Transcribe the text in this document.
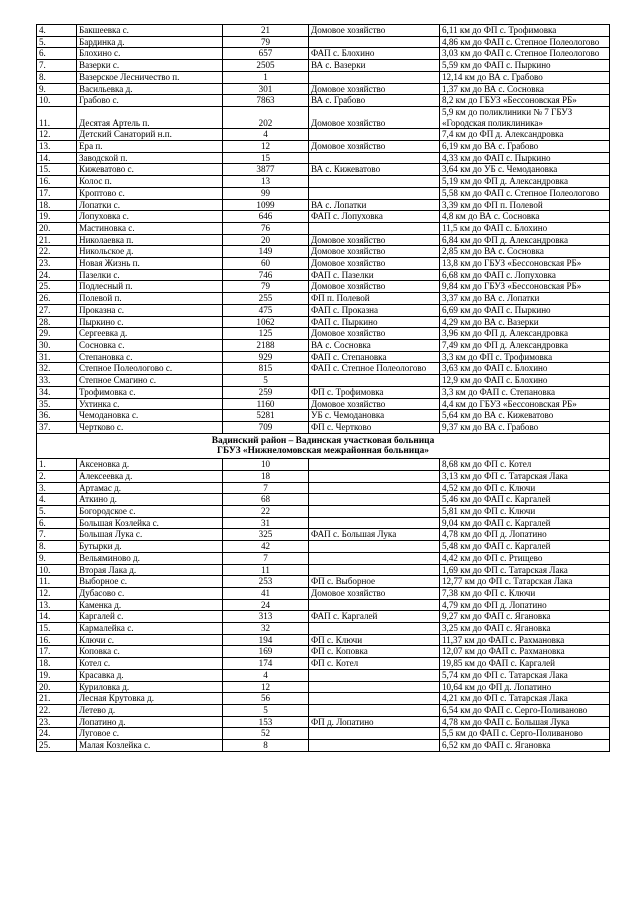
4.	Бакшеевка с.	21	Домовое хозяйство	6,11 км до ФП с. Трофимовка
5.	Бардинка д.	79		4,86 км до ФАП с. Степное Полеологово
6.	Блохино с.	657	ФАП с. Блохино	3,03 км до ФАП с. Степное Полеологово
7.	Вазерки с.	2505	ВА с. Вазерки	5,59 км до ФАП с. Пыркино
8.	Вазерское Лесничество п.	1		12,14 км до ВА с. Грабово
9.	Васильевка д.	301	Домовое хозяйство	1,37 км до ВА с. Сосновка
10.	Грабово с.	7863	ВА с. Грабово	8,2 км до ГБУЗ «Бессоновская РБ»
11.	Десятая Артель п.	202	Домовое хозяйство	5,9 км до поликлиники № 7 ГБУЗ «Городская поликлиника»
12.	Детский Санаторий н.п.	4		7,4 км до ФП д. Александровка
13.	Ера п.	12	Домовое хозяйство	6,19 км до ВА с. Грабово
14.	Заводской п.	15		4,33 км до ФАП с. Пыркино
15.	Кижеватово с.	3877	ВА с. Кижеватово	3,64 км до УБ с. Чемодановка
16.	Колос п.	13		5,19 км до ФП д. Александровка
17.	Кроптово с.	99		5,58 км до ФАП с. Степное Полеологово
18.	Лопатки с.	1099	ВА с. Лопатки	3,39 км до ФП п. Полевой
19.	Лопуховка с.	646	ФАП с. Лопуховка	4,8 км до ВА с. Сосновка
20.	Мастиновка с.	76		11,5 км до ФАП с. Блохино
21.	Николаевка п.	20	Домовое хозяйство	6,84 км до ФП д. Александровка
22.	Никольское д.	149	Домовое хозяйство	2,85 км до ВА с. Сосновка
23.	Новая Жизнь п.	60	Домовое хозяйство	13,8 км до ГБУЗ «Бессоновская РБ»
24.	Пазелки с.	746	ФАП с. Пазелки	6,68 км до ФАП с. Лопуховка
25.	Подлесный п.	79	Домовое хозяйство	9,84 км до ГБУЗ «Бессоновская РБ»
26.	Полевой п.	255	ФП п. Полевой	3,37 км до ВА с. Лопатки
27.	Проказна с.	475	ФАП с. Проказна	6,69 км до ФАП с. Пыркино
28.	Пыркино с.	1062	ФАП с. Пыркино	4,29 км до ВА с. Вазерки
29.	Сергеевка д.	125	Домовое хозяйство	3,96 км до ФП д. Александровка
30.	Сосновка с.	2188	ВА с. Сосновка	7,49 км до ФП д. Александровка
31.	Степановка с.	929	ФАП с. Степановка	3,3 км до ФП с. Трофимовка
32.	Степное Полеологово с.	815	ФАП с. Степное Полеологово	3,63 км до ФАП с. Блохино
33.	Степное Смагино с.	5		12,9 км до ФАП с. Блохино
34.	Трофимовка с.	259	ФП с. Трофимовка	3,3 км до ФАП с. Степановка
35.	Ухтинка с.	1160	Домовое хозяйство	4,4 км до ГБУЗ «Бессоновская РБ»
36.	Чемодановка с.	5281	УБ с. Чемодановка	5,64 км до ВА с. Кижеватово
37.	Чертково с.	709	ФП с. Чертково	9,37 км до ВА с. Грабово

Вадинский район – Вадинская участковая больница
ГБУЗ «Нижнеломовская межрайонная больница»				

1.	Аксеновка д.	10		8,68 км до ФП с. Котел
2.	Алексеевка д.	18		3,13 км до ФП с. Татарская Лака
3.	Артамас д.	7		4,52 км до ФП с. Ключи
4.	Аткино д.	68		5,46 км до ФАП с. Каргалей
5.	Богородское с.	22		5,81 км до ФП с. Ключи
6.	Большая Козлейка с.	31		9,04 км до ФАП с. Каргалей
7.	Большая Лука с.	325	ФАП с. Большая Лука	4,78 км до ФП д. Лопатино
8.	Бутырки д.	42		5,48 км до ФАП с. Каргалей
9.	Вельяминово д.	7		4,42 км до ФП с. Ртищево
10.	Вторая Лака д.	11		1,69 км до ФП с. Татарская Лака
11.	Выборное с.	253	ФП с. Выборное	12,77 км до ФП с. Татарская Лака
12.	Дубасово с.	41	Домовое хозяйство	7,38 км до ФП с. Ключи
13.	Каменка д.	24		4,79 км до ФП д. Лопатино
14.	Каргалей с.	313	ФАП с. Каргалей	9,27 км до ФАП с. Ягановка
15.	Кармалейка с.	32		3,25 км до ФАП с. Ягановка
16.	Ключи с.	194	ФП с. Ключи	11,37 км до ФАП с. Рахмановка
17.	Коповка с.	169	ФП с. Коповка	12,07 км до ФАП с. Рахмановка
18.	Котел с.	174	ФП с. Котел	19,85 км до ФАП с. Каргалей
19.	Красавка д.	4		5,74 км до ФП с. Татарская Лака
20.	Куриловка д.	12		10,64 км до ФП д. Лопатино
21.	Лесная Крутовка д.	56		4,21 км до ФП с. Татарская Лака
22.	Летево д.	5		6,54 км до ФАП с. Серго-Поливаново
23.	Лопатино д.	153	ФП д. Лопатино	4,78 км до ФАП с. Большая Лука
24.	Луговое с.	52		5,5 км до ФАП с. Серго-Поливаново
25.	Малая Козлейка с.	8		6,52 км до ФАП с. Ягановка
